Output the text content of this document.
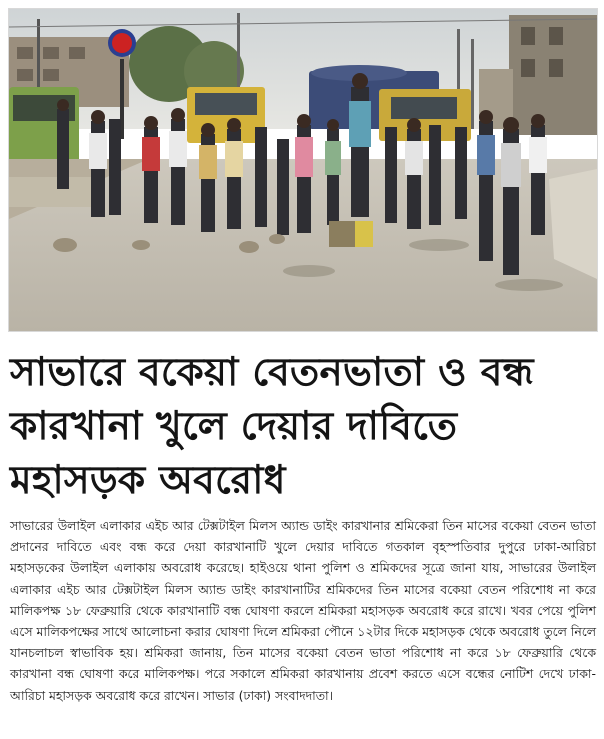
সাভারে বকেয়া বেতনভাতা ও বন্ধ
কারখানা খুলে দেয়ার দাবিতে
মহাসড়ক অবরোধ

সাভারের উলাইল এলাকার এইচ আর টেক্সটাইল মিলস অ্যান্ড ডাইং কারখানার শ্রমিকেরা তিন মাসের বকেয়া বেতন ভাতা প্রদানের দাবিতে এবং বন্ধ করে দেয়া কারখানাটি খুলে দেয়ার দাবিতে গতকাল বৃহস্পতিবার দুপুরে ঢাকা-আরিচা মহাসড়কের উলাইল এলাকায় অবরোধ করেছে। হাইওয়ে থানা পুলিশ ও শ্রমিকদের সূত্রে জানা যায়, সাভারের উলাইল এলাকার এইচ আর টেক্সটাইল মিলস অ্যান্ড ডাইং কারখানাটির শ্রমিকদের তিন মাসের বকেয়া বেতন পরিশোধ না করে মালিকপক্ষ ১৮ ফেব্রুয়ারি থেকে কারখানাটি বন্ধ ঘোষণা করলে শ্রমিকরা মহাসড়ক অবরোধ করে রাখে। খবর পেয়ে পুলিশ এসে মালিকপক্ষের সাথে আলোচনা করার ঘোষণা দিলে শ্রমিকরা পৌনে ১২টার দিকে মহাসড়ক থেকে অবরোধ তুলে নিলে যানচলাচল স্বাভাবিক হয়। শ্রমিকরা জানায়, তিন মাসের বকেয়া বেতন ভাতা পরিশোধ না করে ১৮ ফেব্রুয়ারি থেকে কারখানা বন্ধ ঘোষণা করে মালিকপক্ষ। পরে সকালে শ্রমিকরা কারখানায় প্রবেশ করতে এসে বন্ধের নোটিশ দেখে ঢাকা-আরিচা মহাসড়ক অবরোধ করে রাখেন। সাভার (ঢাকা) সংবাদদাতা।
